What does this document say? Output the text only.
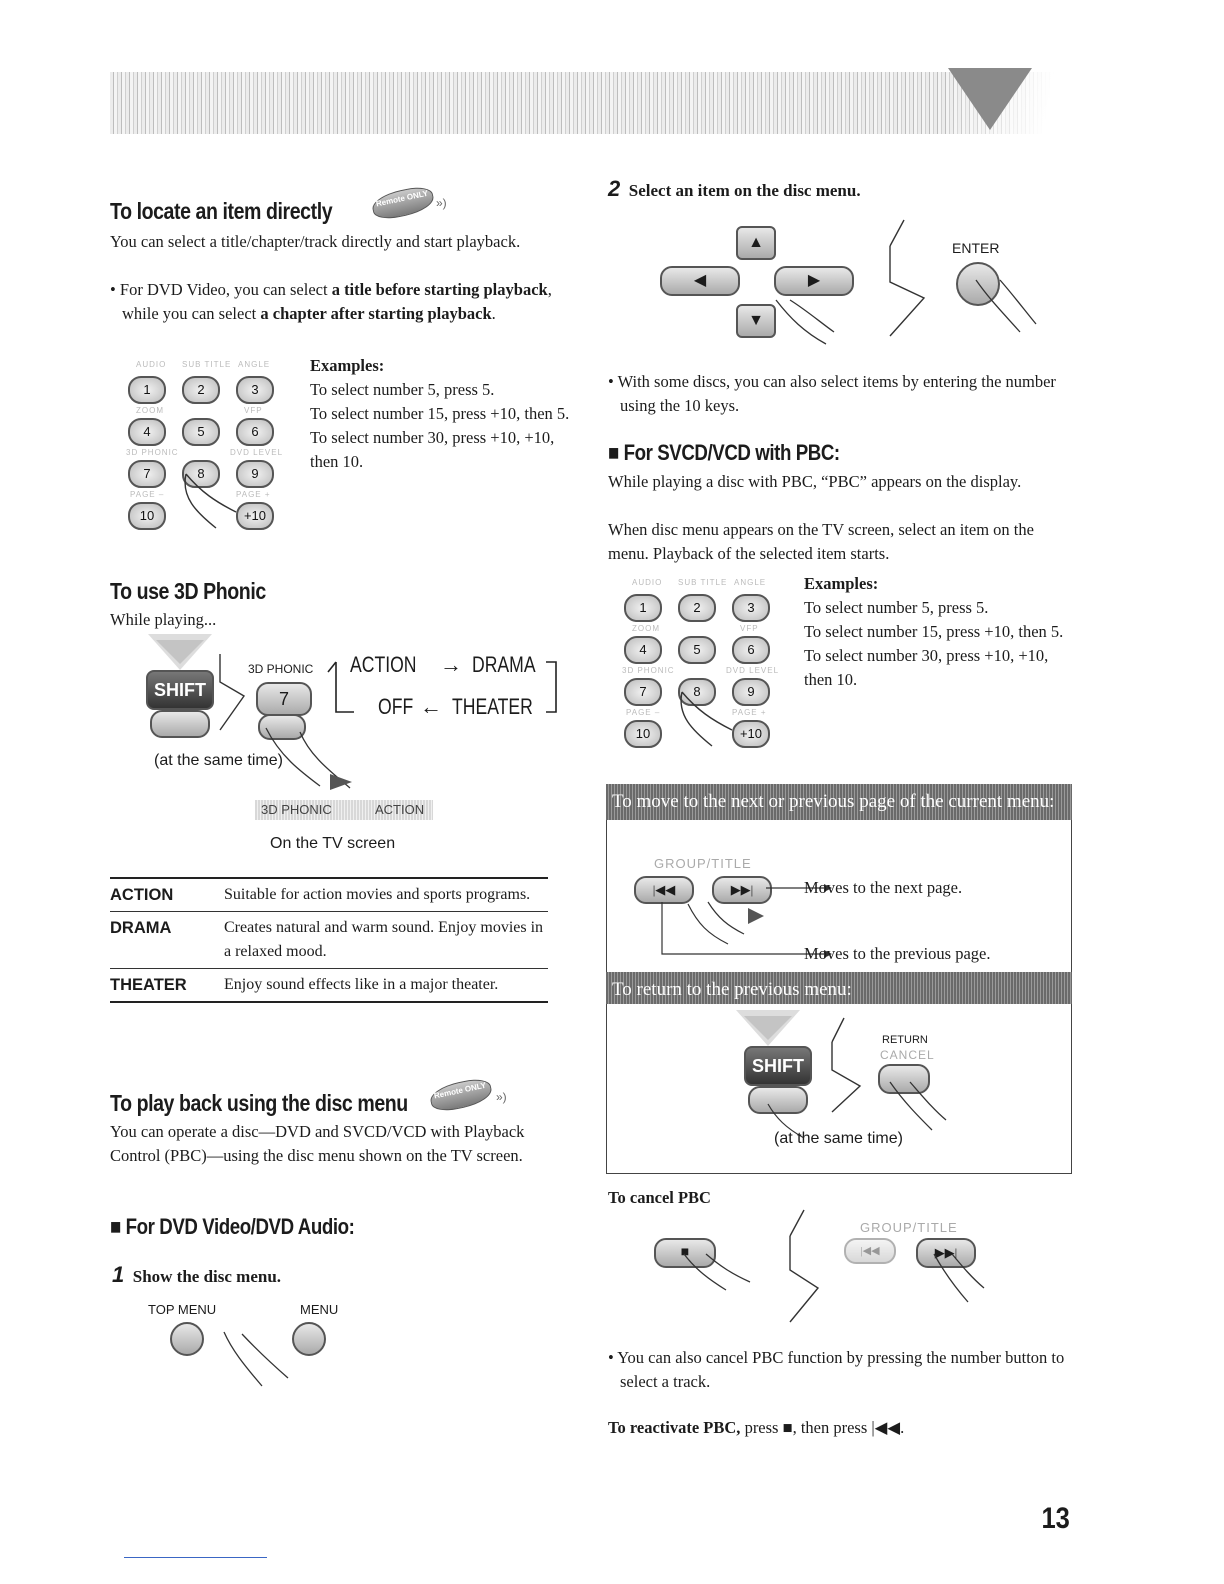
To locate an item directly	Remote ONLY »)

You can select a title/chapter/track directly and start playback.

• For DVD Video, you can select a title before starting playback, while you can select a chapter after starting playback.

AUDIO SUB TITLE ANGLE
1	2	3
ZOOM	VFP
4	5	6
3D PHONIC	DVD LEVEL
7	8	9
PAGE –	PAGE +
10	+10
Examples:
To select number 5, press 5.
To select number 15, press +10, then 5.
To select number 30, press +10, +10, then 10.
To use 3D Phonic

While playing...

SHIFT
3D PHONIC
7
ACTION → DRAMA
OFF ← THEATER
(at the same time)
3D PHONIC	ACTION
On the TV screen
ACTION	Suitable for action movies and sports programs.
DRAMA	Creates natural and warm sound. Enjoy movies in a relaxed mood.
THEATER	Enjoy sound effects like in a major theater.
To play back using the disc menu	Remote ONLY »)

You can operate a disc—DVD and SVCD/VCD with Playback Control (PBC)—using the disc menu shown on the TV screen.

■ For DVD Video/DVD Audio:
1 Show the disc menu.
TOP MENU	MENU
2 Select an item on the disc menu.
▲
◀	▶
▼
ENTER

• With some discs, you can also select items by entering the number using the 10 keys.

■ For SVCD/VCD with PBC:

While playing a disc with PBC, “PBC” appears on the display.

When disc menu appears on the TV screen, select an item on the menu. Playback of the selected item starts.

AUDIO SUB TITLE ANGLE
1	2	3
ZOOM	VFP
4	5	6
3D PHONIC	DVD LEVEL
7	8	9
PAGE –	PAGE +
10	+10
Examples:
To select number 5, press 5.
To select number 15, press +10, then 5.
To select number 30, press +10, +10, then 10.
To move to the next or previous page of the current menu:
GROUP/TITLE
|◀◀	▶▶|	Moves to the next page.
Moves to the previous page.
To return to the previous menu:
SHIFT
RETURN
CANCEL
(at the same time)
To cancel PBC
■
GROUP/TITLE
|◀◀	▶▶|

• You can also cancel PBC function by pressing the number button to select a track.

To reactivate PBC, press ■, then press |◀◀.

13
